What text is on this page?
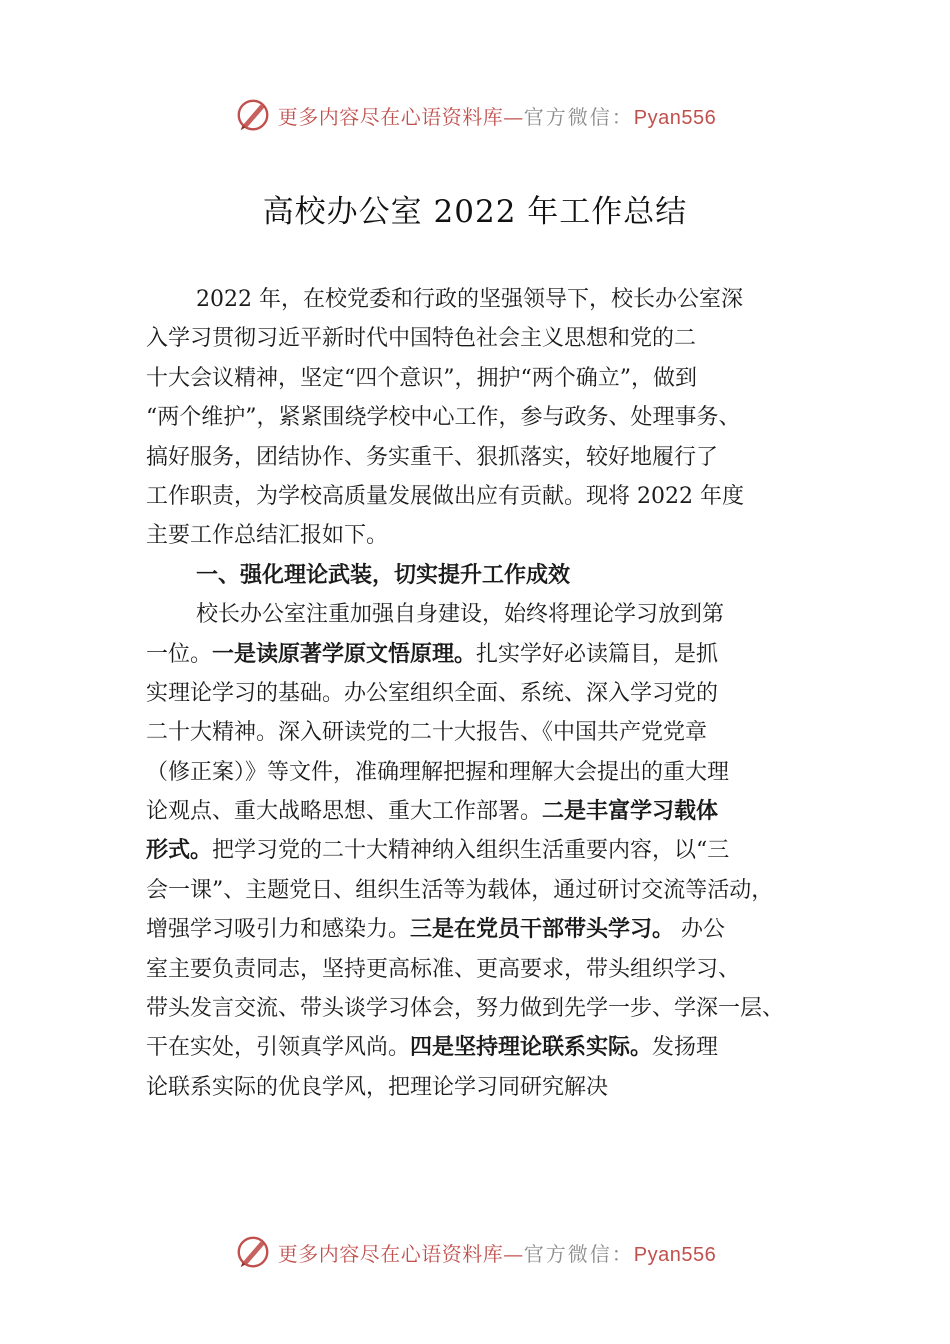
更多内容尽在心语资料库—官方微信：Pyan556
高校办公室 2022 年工作总结
2022 年，在校党委和行政的坚强领导下，校长办公室深
入学习贯彻习近平新时代中国特色社会主义思想和党的二
十大会议精神，坚定“四个意识”，拥护“两个确立”，做到
“两个维护”，紧紧围绕学校中心工作，参与政务、处理事务、
搞好服务，团结协作、务实重干、狠抓落实，较好地履行了
工作职责，为学校高质量发展做出应有贡献。现将 2022 年度
主要工作总结汇报如下。
一、强化理论武装，切实提升工作成效
校长办公室注重加强自身建设，始终将理论学习放到第
一位。一是读原著学原文悟原理。扎实学好必读篇目，是抓
实理论学习的基础。办公室组织全面、系统、深入学习党的
二十大精神。深入研读党的二十大报告、《中国共产党党章
（修正案）》等文件，准确理解把握和理解大会提出的重大理
论观点、重大战略思想、重大工作部署。二是丰富学习载体
形式。把学习党的二十大精神纳入组织生活重要内容，以“三
会一课”、主题党日、组织生活等为载体，通过研讨交流等活动，
增强学习吸引力和感染力。三是在党员干部带头学习。 办公
室主要负责同志，坚持更高标准、更高要求，带头组织学习、
带头发言交流、带头谈学习体会，努力做到先学一步、学深一层、
干在实处，引领真学风尚。四是坚持理论联系实际。发扬理
论联系实际的优良学风，把理论学习同研究解决
更多内容尽在心语资料库—官方微信：Pyan556
